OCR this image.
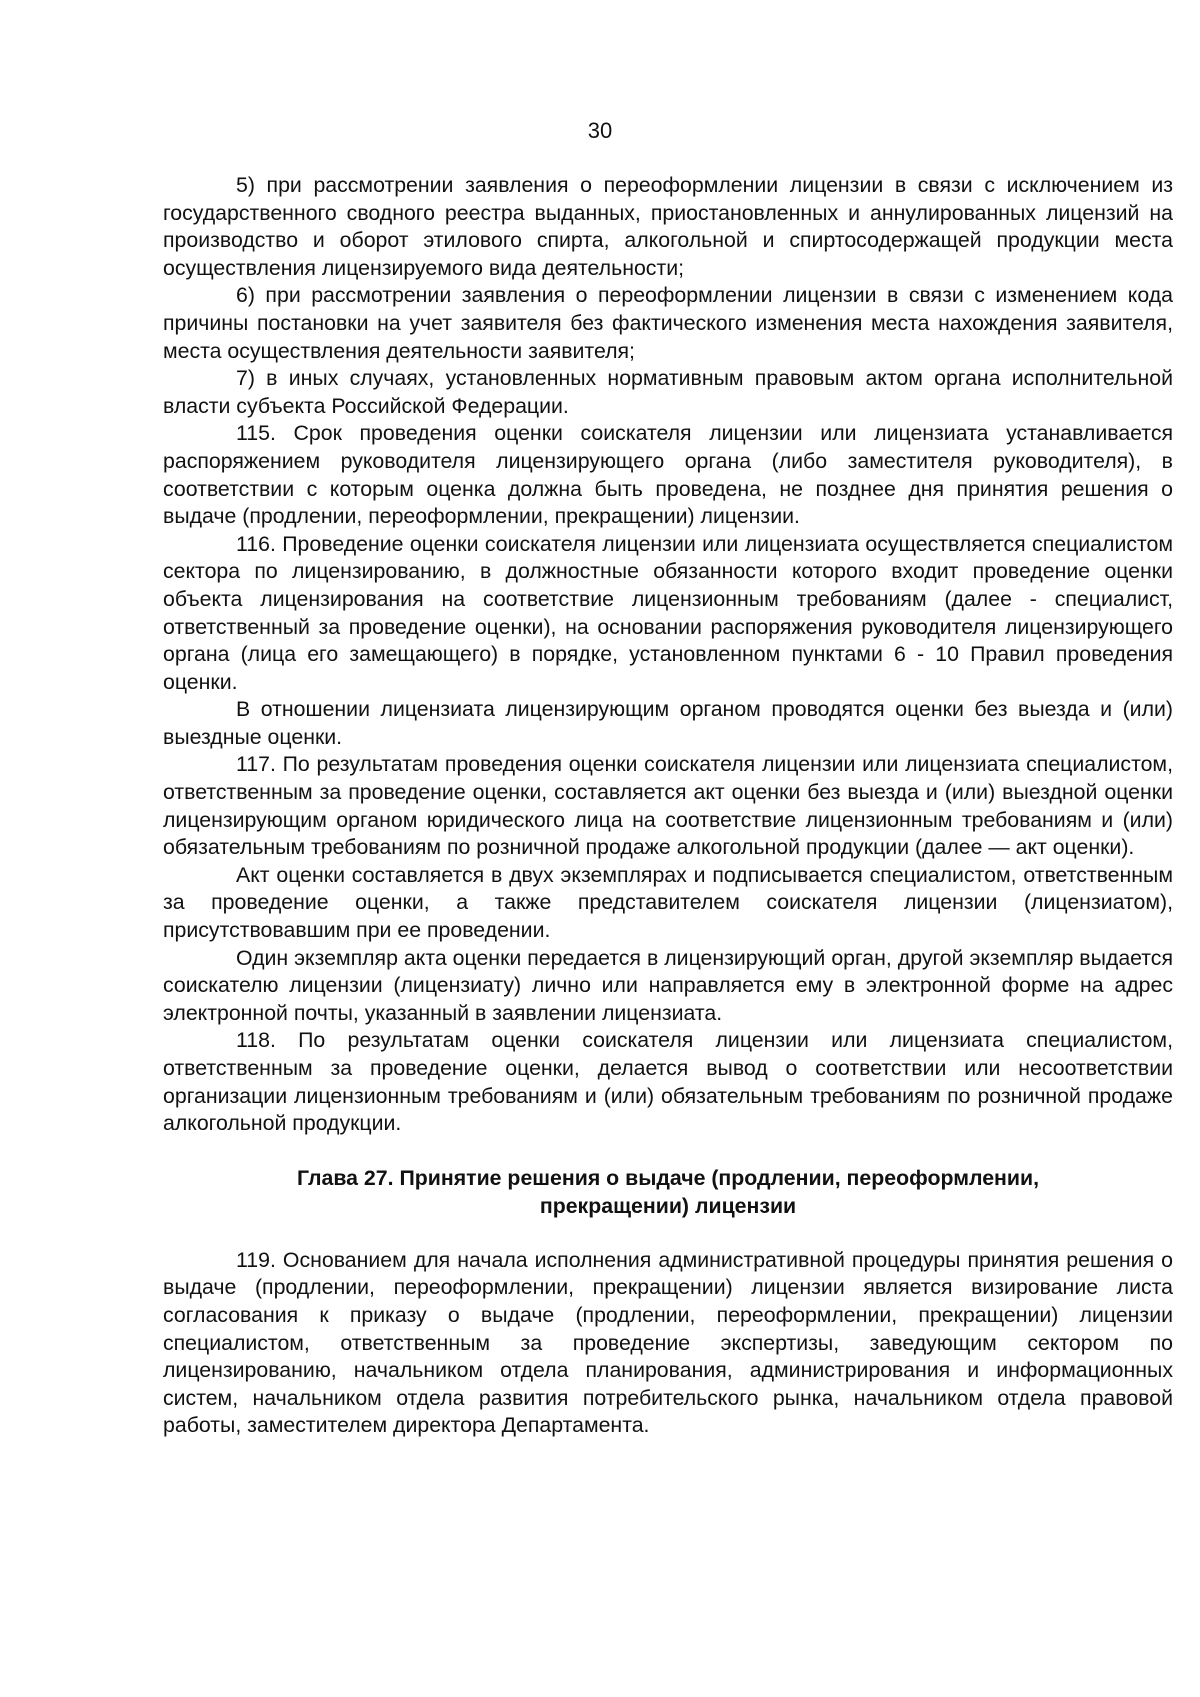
30

5) при рассмотрении заявления о переоформлении лицензии в связи с исключением из государственного сводного реестра выданных, приостановленных и аннулированных лицензий на производство и оборот этилового спирта, алкогольной и спиртосодержащей продукции места осуществления лицензируемого вида деятельности;

6) при рассмотрении заявления о переоформлении лицензии в связи с изменением кода причины постановки на учет заявителя без фактического изменения места нахождения заявителя, места осуществления деятельности заявителя;

7) в иных случаях, установленных нормативным правовым актом органа исполнительной власти субъекта Российской Федерации.

115. Срок проведения оценки соискателя лицензии или лицензиата устанавливается распоряжением руководителя лицензирующего органа (либо заместителя руководителя), в соответствии с которым оценка должна быть проведена, не позднее дня принятия решения о выдаче (продлении, переоформлении, прекращении) лицензии.

116. Проведение оценки соискателя лицензии или лицензиата осуществляется специалистом сектора по лицензированию, в должностные обязанности которого входит проведение оценки объекта лицензирования на соответствие лицензионным требованиям (далее - специалист, ответственный за проведение оценки), на основании распоряжения руководителя лицензирующего органа (лица его замещающего) в порядке, установленном пунктами 6 - 10 Правил проведения оценки.

В отношении лицензиата лицензирующим органом проводятся оценки без выезда и (или) выездные оценки.

117. По результатам проведения оценки соискателя лицензии или лицензиата специалистом, ответственным за проведение оценки, составляется акт оценки без выезда и (или) выездной оценки лицензирующим органом юридического лица на соответствие лицензионным требованиям и (или) обязательным требованиям по розничной продаже алкогольной продукции (далее — акт оценки).

Акт оценки составляется в двух экземплярах и подписывается специалистом, ответственным за проведение оценки, а также представителем соискателя лицензии (лицензиатом), присутствовавшим при ее проведении.

Один экземпляр акта оценки передается в лицензирующий орган, другой экземпляр выдается соискателю лицензии (лицензиату) лично или направляется ему в электронной форме на адрес электронной почты, указанный в заявлении лицензиата.

118. По результатам оценки соискателя лицензии или лицензиата специалистом, ответственным за проведение оценки, делается вывод о соответствии или несоответствии организации лицензионным требованиям и (или) обязательным требованиям по розничной продаже алкогольной продукции.

Глава 27. Принятие решения о выдаче (продлении, переоформлении,
прекращении) лицензии

119. Основанием для начала исполнения административной процедуры принятия решения о выдаче (продлении, переоформлении, прекращении) лицензии является визирование листа согласования к приказу о выдаче (продлении, переоформлении, прекращении) лицензии специалистом, ответственным за проведение экспертизы, заведующим сектором по лицензированию, начальником отдела планирования, администрирования и информационных систем, начальником отдела развития потребительского рынка, начальником отдела правовой работы, заместителем директора Департамента.
